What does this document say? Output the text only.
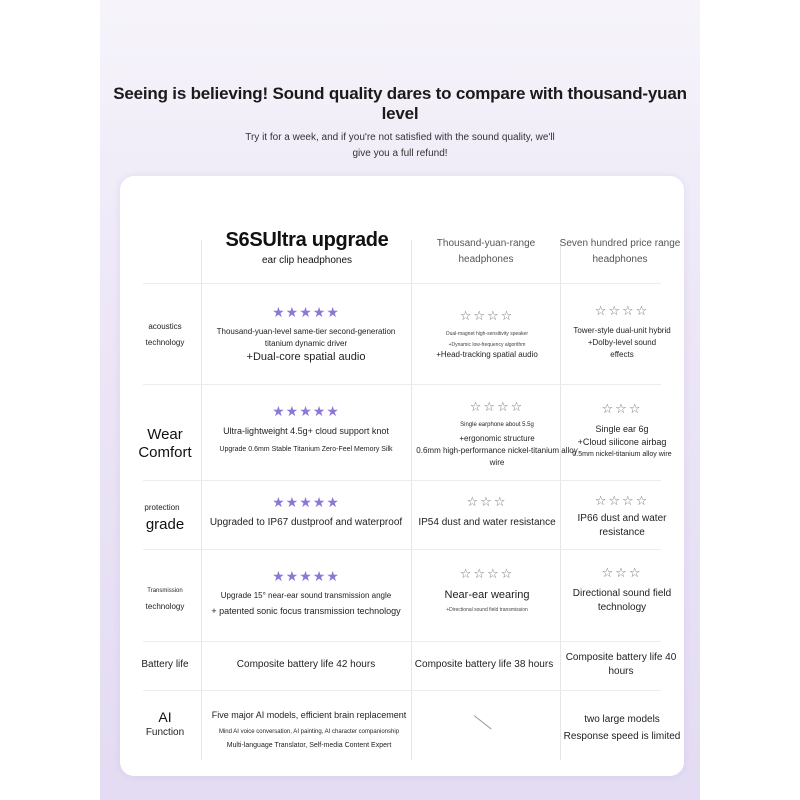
Seeing is believing! Sound quality dares to compare with thousand-yuan level
Try it for a week, and if you're not satisfied with the sound quality, we'll
give you a full refund!
S6SUltra upgrade
ear clip headphones
Thousand-yuan-range
headphones
Seven hundred price range
headphones
acoustics
technology
★★★★★
Thousand-yuan-level same-tier second-generation
titanium dynamic driver
+Dual-core spatial audio
☆☆☆☆
Dual-magnet high-sensitivity speaker
+Dynamic low-frequency algorithm
+Head-tracking spatial audio
☆☆☆☆
Tower-style dual-unit hybrid
+Dolby-level sound
effects
Wear
Comfort
★★★★★
Ultra-lightweight 4.5g+ cloud support knot
Upgrade 0.6mm Stable Titanium Zero-Feel Memory Silk
☆☆☆☆
Single earphone about 5.5g
+ergonomic structure
0.6mm high-performance nickel-titanium alloy
wire
☆☆☆
Single ear 6g
+Cloud silicone airbag
0.5mm nickel-titanium alloy wire
protection
grade
★★★★★
Upgraded to IP67 dustproof and waterproof
☆☆☆
IP54 dust and water resistance
☆☆☆☆
IP66 dust and water
resistance
Transmission
technology
★★★★★
Upgrade 15° near-ear sound transmission angle
+ patented sonic focus transmission technology
☆☆☆☆
Near-ear wearing
+Directional sound field transmission
☆☆☆
Directional sound field
technology
Battery life	Composite battery life 42 hours	Composite battery life 38 hours
Composite battery life 40 hours
AI
Function
Five major AI models, efficient brain replacement
Mind AI voice conversation, AI painting, AI character companionship
Multi-language Translator, Self-media Content Expert
two large models
Response speed is limited
